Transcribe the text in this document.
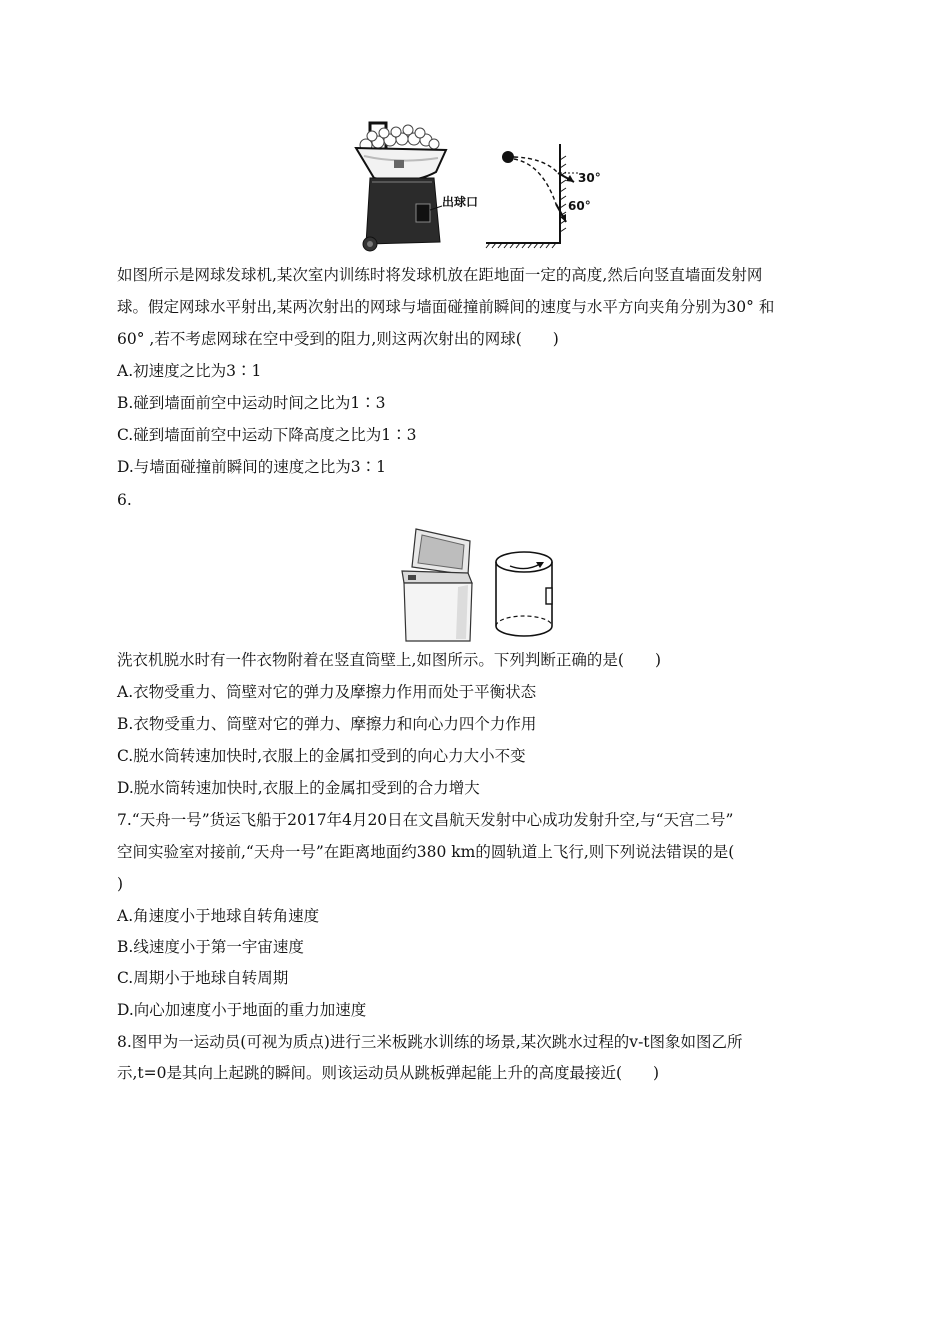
出球口
30°
60°
如图所示是网球发球机,某次室内训练时将发球机放在距地面一定的高度,然后向竖直墙面发射网
球。假定网球水平射出,某两次射出的网球与墙面碰撞前瞬间的速度与水平方向夹角分别为30° 和
60° ,若不考虑网球在空中受到的阻力,则这两次射出的网球(　　)
A.初速度之比为3∶1
B.碰到墙面前空中运动时间之比为1∶3
C.碰到墙面前空中运动下降高度之比为1∶3
D.与墙面碰撞前瞬间的速度之比为3∶1
6.
洗衣机脱水时有一件衣物附着在竖直筒壁上,如图所示。下列判断正确的是(　　)
A.衣物受重力、筒壁对它的弹力及摩擦力作用而处于平衡状态
B.衣物受重力、筒壁对它的弹力、摩擦力和向心力四个力作用
C.脱水筒转速加快时,衣服上的金属扣受到的向心力大小不变
D.脱水筒转速加快时,衣服上的金属扣受到的合力增大
7.“天舟一号”货运飞船于2017年4月20日在文昌航天发射中心成功发射升空,与“天宫二号”
空间实验室对接前,“天舟一号”在距离地面约380 km的圆轨道上飞行,则下列说法错误的是(
)
A.角速度小于地球自转角速度
B.线速度小于第一宇宙速度
C.周期小于地球自转周期
D.向心加速度小于地面的重力加速度
8.图甲为一运动员(可视为质点)进行三米板跳水训练的场景,某次跳水过程的v-t图象如图乙所
示,t=0是其向上起跳的瞬间。则该运动员从跳板弹起能上升的高度最接近(　　)
